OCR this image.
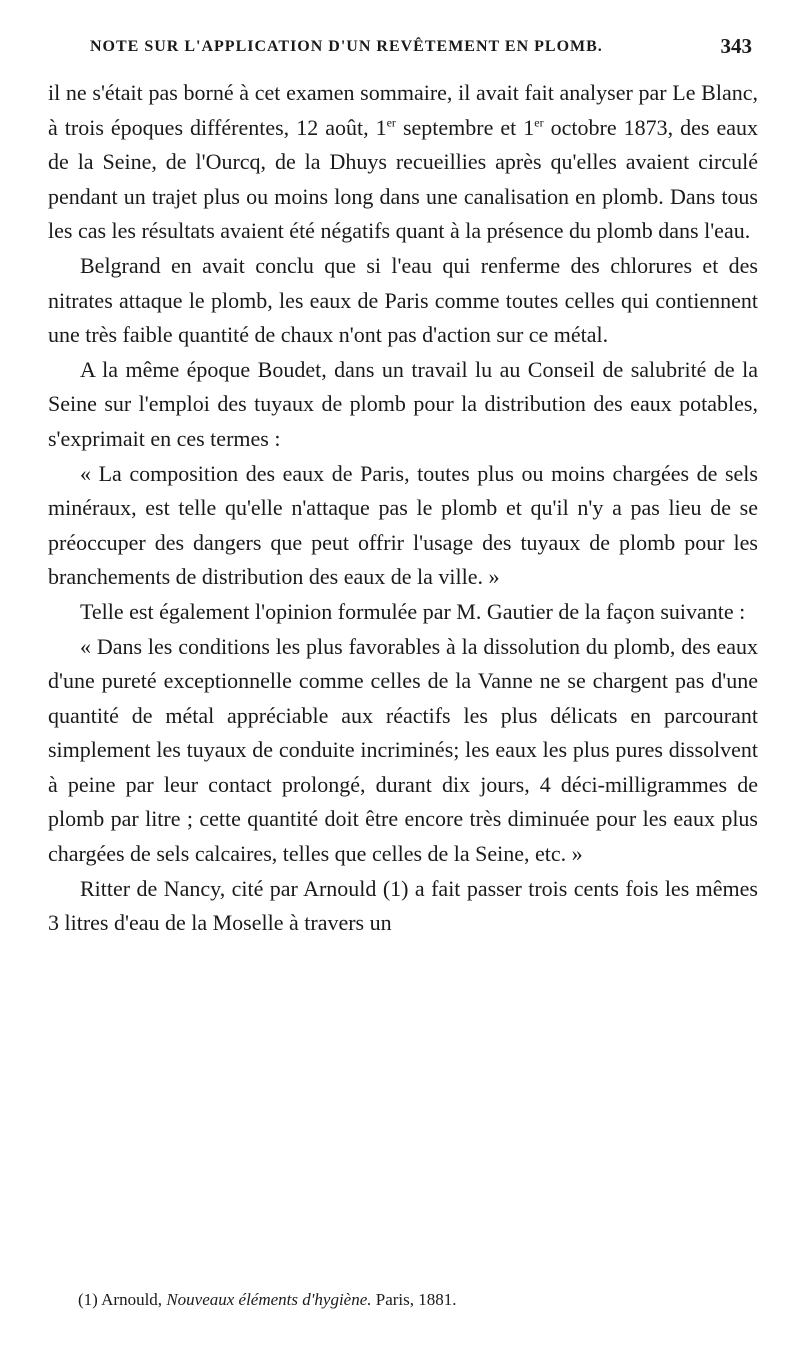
NOTE SUR L'APPLICATION D'UN REVÊTEMENT EN PLOMB.	343

il ne s'était pas borné à cet examen sommaire, il avait fait analyser par Le Blanc, à trois époques différentes, 12 août, 1er septembre et 1er octobre 1873, des eaux de la Seine, de l'Ourcq, de la Dhuys recueillies après qu'elles avaient circulé pendant un trajet plus ou moins long dans une canalisation en plomb. Dans tous les cas les résultats avaient été négatifs quant à la présence du plomb dans l'eau.

Belgrand en avait conclu que si l'eau qui renferme des chlorures et des nitrates attaque le plomb, les eaux de Paris comme toutes celles qui contiennent une très faible quantité de chaux n'ont pas d'action sur ce métal.

A la même époque Boudet, dans un travail lu au Conseil de salubrité de la Seine sur l'emploi des tuyaux de plomb pour la distribution des eaux potables, s'exprimait en ces termes :

« La composition des eaux de Paris, toutes plus ou moins chargées de sels minéraux, est telle qu'elle n'attaque pas le plomb et qu'il n'y a pas lieu de se préoccuper des dangers que peut offrir l'usage des tuyaux de plomb pour les branchements de distribution des eaux de la ville. »

Telle est également l'opinion formulée par M. Gautier de la façon suivante :

« Dans les conditions les plus favorables à la dissolution du plomb, des eaux d'une pureté exceptionnelle comme celles de la Vanne ne se chargent pas d'une quantité de métal appréciable aux réactifs les plus délicats en parcourant simplement les tuyaux de conduite incriminés; les eaux les plus pures dissolvent à peine par leur contact prolongé, durant dix jours, 4 déci-milligrammes de plomb par litre ; cette quantité doit être encore très diminuée pour les eaux plus chargées de sels calcaires, telles que celles de la Seine, etc. »

Ritter de Nancy, cité par Arnould (1) a fait passer trois cents fois les mêmes 3 litres d'eau de la Moselle à travers un

(1) Arnould, Nouveaux éléments d'hygiène. Paris, 1881.
